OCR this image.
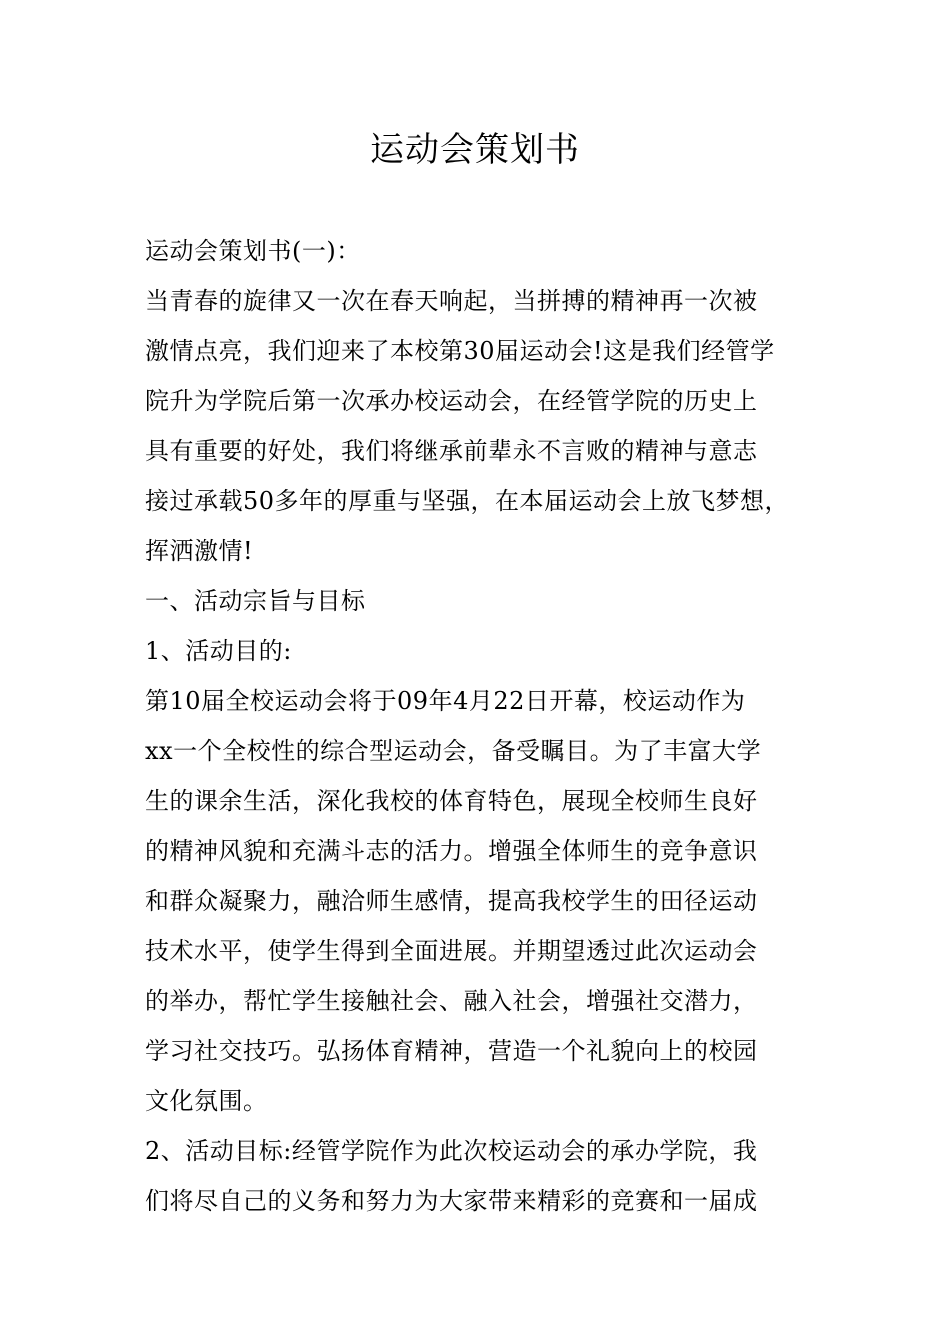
运动会策划书
运动会策划书(一)：
当青春的旋律又一次在春天响起，当拼搏的精神再一次被
激情点亮，我们迎来了本校第30届运动会!这是我们经管学
院升为学院后第一次承办校运动会，在经管学院的历史上
具有重要的好处，我们将继承前辈永不言败的精神与意志
接过承载50多年的厚重与坚强，在本届运动会上放飞梦想，
挥洒激情!
一、活动宗旨与目标
1、活动目的:
第10届全校运动会将于09年4月22日开幕，校运动作为
xx一个全校性的综合型运动会，备受瞩目。为了丰富大学
生的课余生活，深化我校的体育特色，展现全校师生良好
的精神风貌和充满斗志的活力。增强全体师生的竞争意识
和群众凝聚力，融洽师生感情，提高我校学生的田径运动
技术水平，使学生得到全面进展。并期望透过此次运动会
的举办，帮忙学生接触社会、融入社会，增强社交潜力，
学习社交技巧。弘扬体育精神，营造一个礼貌向上的校园
文化氛围。
2、活动目标:经管学院作为此次校运动会的承办学院，我
们将尽自己的义务和努力为大家带来精彩的竞赛和一届成
